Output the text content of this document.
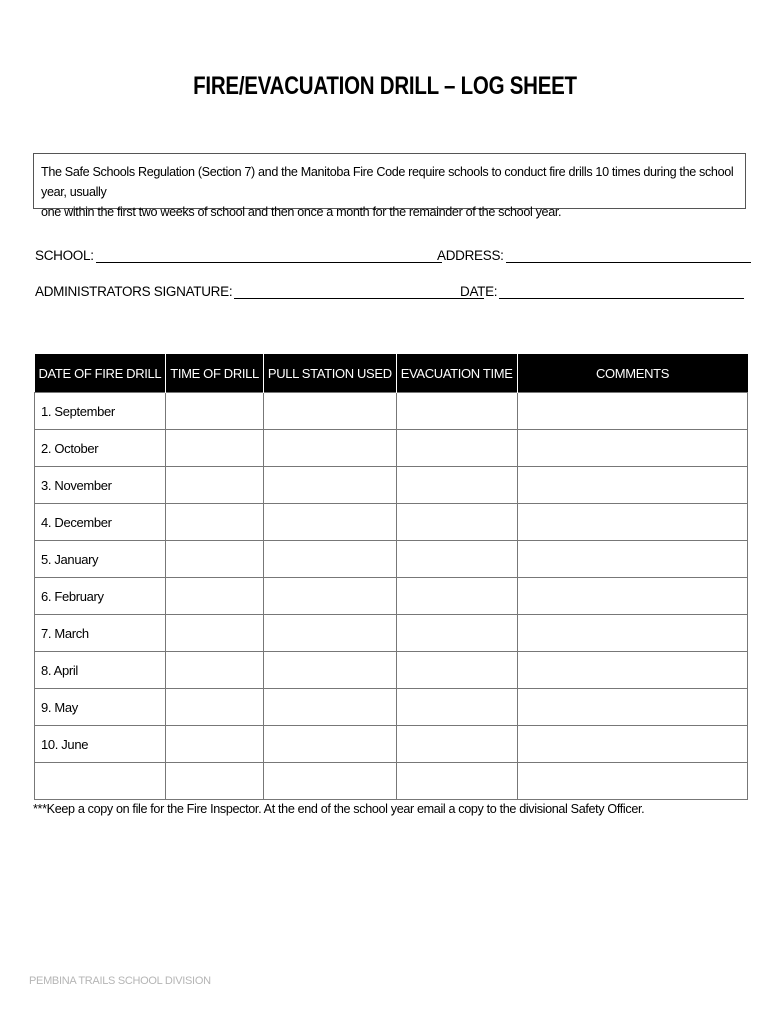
FIRE/EVACUATION DRILL – LOG SHEET
The Safe Schools Regulation (Section 7) and the Manitoba Fire Code require schools to conduct fire drills 10 times during the school year, usually
one within the first two weeks of school and then once a month for the remainder of the school year.
SCHOOL:	ADDRESS:
ADMINISTRATORS SIGNATURE:	DATE:
DATE OF FIRE DRILL	TIME OF DRILL	PULL STATION USED	EVACUATION TIME	COMMENTS
1. September				
2. October				
3. November				
4. December				
5. January				
6. February				
7. March				
8. April				
9. May				
10. June				

***Keep a copy on file for the Fire Inspector. At the end of the school year email a copy to the divisional Safety Officer.
PEMBINA TRAILS SCHOOL DIVISION
